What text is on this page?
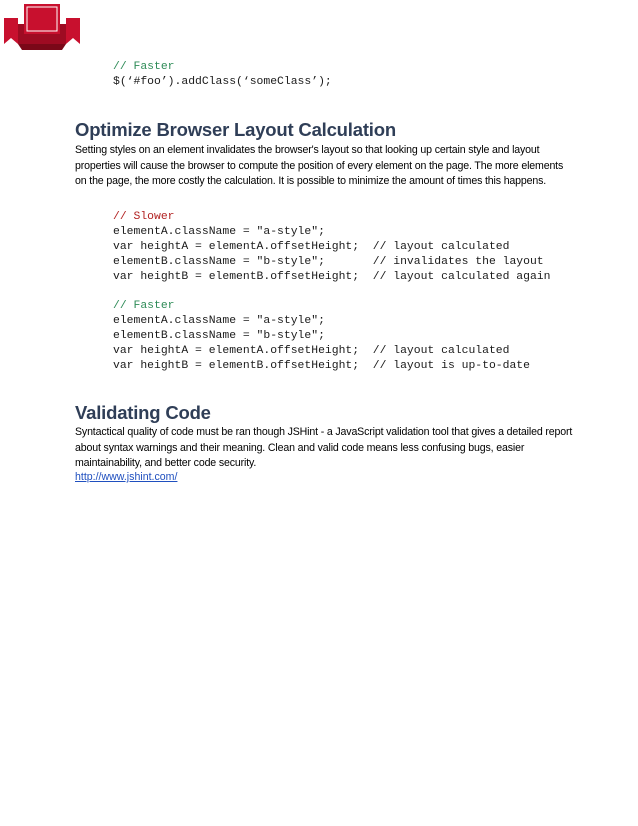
// Faster
$(‘#foo’).addClass(‘someClass’);
Optimize Browser Layout Calculation

Setting styles on an element invalidates the browser's layout so that looking up certain style and layout properties will cause the browser to compute the position of every element on the page. The more elements on the page, the more costly the calculation. It is possible to minimize the amount of times this happens.

// Slower
elementA.className = "a-style";
var heightA = elementA.offsetHeight;  // layout calculated
elementB.className = "b-style";       // invalidates the layout
var heightB = elementB.offsetHeight;  // layout calculated again
// Faster
elementA.className = "a-style";
elementB.className = "b-style";
var heightA = elementA.offsetHeight;  // layout calculated
var heightB = elementB.offsetHeight;  // layout is up-to-date
Validating Code

Syntactical quality of code must be ran though JSHint - a JavaScript validation tool that gives a detailed report about syntax warnings and their meaning. Clean and valid code means less confusing bugs, easier maintainability, and better code security.

http://www.jshint.com/
